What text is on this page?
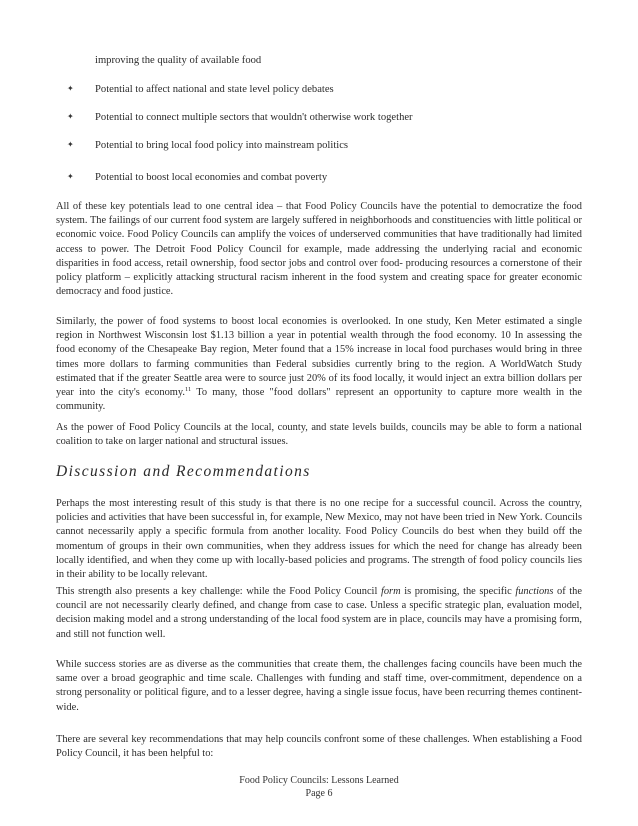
improving the quality of available food
✦ Potential to affect national and state level policy debates
✦ Potential to connect multiple sectors that wouldn't otherwise work together
✦ Potential to bring local food policy into mainstream politics
✦ Potential to boost local economies and combat poverty

All of these key potentials lead to one central idea – that Food Policy Councils have the potential to democratize the food system. The failings of our current food system are largely suffered in neighborhoods and constituencies with little political or economic voice. Food Policy Councils can amplify the voices of underserved communities that have traditionally had limited access to power. The Detroit Food Policy Council for example, made addressing the underlying racial and economic disparities in food access, retail ownership, food sector jobs and control over food- producing resources a cornerstone of their policy platform – explicitly attacking structural racism inherent in the food system and creating space for greater economic democracy and food justice.

Similarly, the power of food systems to boost local economies is overlooked. In one study, Ken Meter estimated a single region in Northwest Wisconsin lost $1.13 billion a year in potential wealth through the food economy. 10 In assessing the food economy of the Chesapeake Bay region, Meter found that a 15% increase in local food purchases would bring in three times more dollars to farming communities than Federal subsidies currently bring to the region. A WorldWatch Study estimated that if the greater Seattle area were to source just 20% of its food locally, it would inject an extra billion dollars per year into the city's economy.$^{11}$ To many, those "food dollars" represent an opportunity to capture more wealth in the community.

As the power of Food Policy Councils at the local, county, and state levels builds, councils may be able to form a national coalition to take on larger national and structural issues.

Discussion and Recommendations

Perhaps the most interesting result of this study is that there is no one recipe for a successful council. Across the country, policies and activities that have been successful in, for example, New Mexico, may not have been tried in New York. Councils cannot necessarily apply a specific formula from another locality. Food Policy Councils do best when they build off the momentum of groups in their own communities, when they address issues for which the need for change has already been locally identified, and when they come up with locally-based policies and programs. The strength of food policy councils lies in their ability to be locally relevant.

This strength also presents a key challenge: while the Food Policy Council form is promising, the specific functions of the council are not necessarily clearly defined, and change from case to case. Unless a specific strategic plan, evaluation model, decision making model and a strong understanding of the local food system are in place, councils may have a promising form, and still not function well.

While success stories are as diverse as the communities that create them, the challenges facing councils have been much the same over a broad geographic and time scale. Challenges with funding and staff time, over-commitment, dependence on a strong personality or political figure, and to a lesser degree, having a single issue focus, have been recurring themes continent-wide.

There are several key recommendations that may help councils confront some of these challenges. When establishing a Food Policy Council, it has been helpful to:

Food Policy Councils: Lessons Learned
Page 6
